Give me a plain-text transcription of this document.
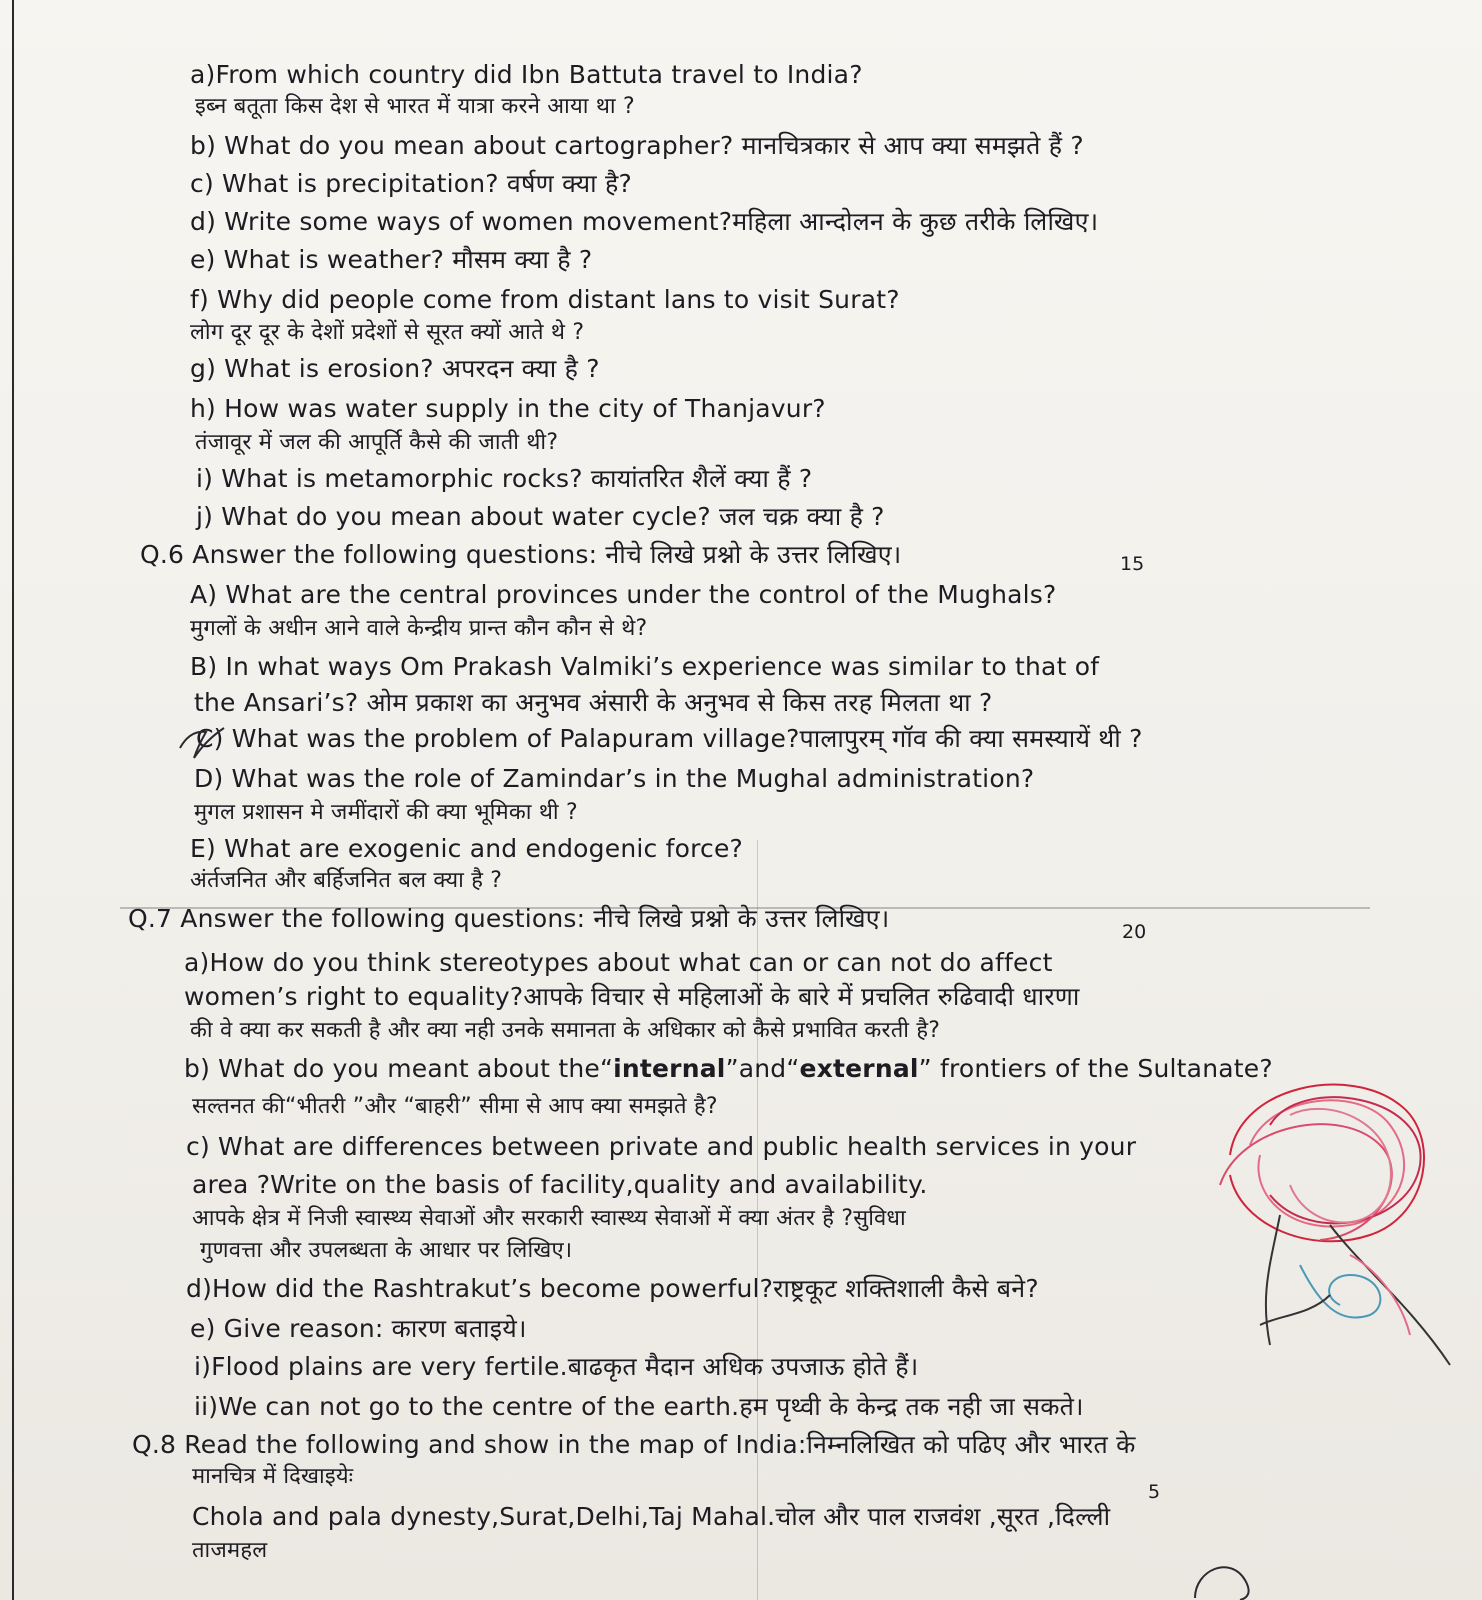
a)From which country did Ibn Battuta travel to India?

इब्न बतूता किस देश से भारत में यात्रा करने आया था ?

b) What do you mean about cartographer? मानचित्रकार से आप क्या समझते हैं ?

c) What is precipitation? वर्षण क्या है?

d) Write some ways of women movement?महिला आन्दोलन के कुछ तरीके लिखिए।

e) What is weather? मौसम क्या है ?

f) Why did people come from distant lans to visit Surat?

लोग दूर दूर के देशों प्रदेशों से सूरत क्यों आते थे ?

g) What is erosion? अपरदन क्या है ?

h) How was water supply in the city of Thanjavur?

तंजावूर में जल की आपूर्ति कैसे की जाती थी?

i) What is metamorphic rocks? कायांतरित शैलें क्या हैं ?

j) What do you mean about water cycle? जल चक्र क्या है ?

Q.6 Answer the following questions: नीचे लिखे प्रश्नो के उत्तर लिखिए।	15

A) What are the central provinces under the control of the Mughals?

मुगलों के अधीन आने वाले केन्द्रीय प्रान्त कौन कौन से थे?

B) In what ways Om Prakash Valmiki’s experience was similar to that of

the Ansari’s? ओम प्रकाश का अनुभव अंसारी के अनुभव से किस तरह मिलता था ?

C) What was the problem of Palapuram village?पालापुरम् गॉव की क्या समस्यायें थी ?

D) What was the role of Zamindar’s in the Mughal administration?

मुगल प्रशासन मे जमींदारों की क्या भूमिका थी ?

E) What are exogenic and endogenic force?

अंर्तजनित और बर्हिजनित बल क्या है ?

Q.7 Answer the following questions: नीचे लिखे प्रश्नो के उत्तर लिखिए।	20

a)How do you think stereotypes about what can or can not do affect

women’s right to equality?आपके विचार से महिलाओं के बारे में प्रचलित रुढिवादी धारणा

की वे क्या कर सकती है और क्या नही उनके समानता के अधिकार को कैसे प्रभावित करती है?

b) What do you meant about the“internal”and“external” frontiers of the Sultanate?

सल्तनत की“भीतरी ”और “बाहरी” सीमा से आप क्या समझते है?

c) What are differences between private and public health services in your

area ?Write on the basis of facility,quality and availability.

आपके क्षेत्र में निजी स्वास्थ्य सेवाओं और सरकारी स्वास्थ्य सेवाओं में क्या अंतर है ?सुविधा

गुणवत्ता और उपलब्धता के आधार पर लिखिए।

d)How did the Rashtrakut’s become powerful?राष्ट्रकूट शक्तिशाली कैसे बने?

e) Give reason: कारण बताइये।

i)Flood plains are very fertile.बाढकृत मैदान अधिक उपजाऊ होते हैं।

ii)We can not go to the centre of the earth.हम पृथ्वी के केन्द्र तक नही जा सकते।

Q.8 Read the following and show in the map of India:निम्नलिखित को पढिए और भारत के

मानचित्र में दिखाइयेः

5

Chola and pala dynesty,Surat,Delhi,Taj Mahal.चोल और पाल राजवंश ,सूरत ,दिल्ली

ताजमहल
